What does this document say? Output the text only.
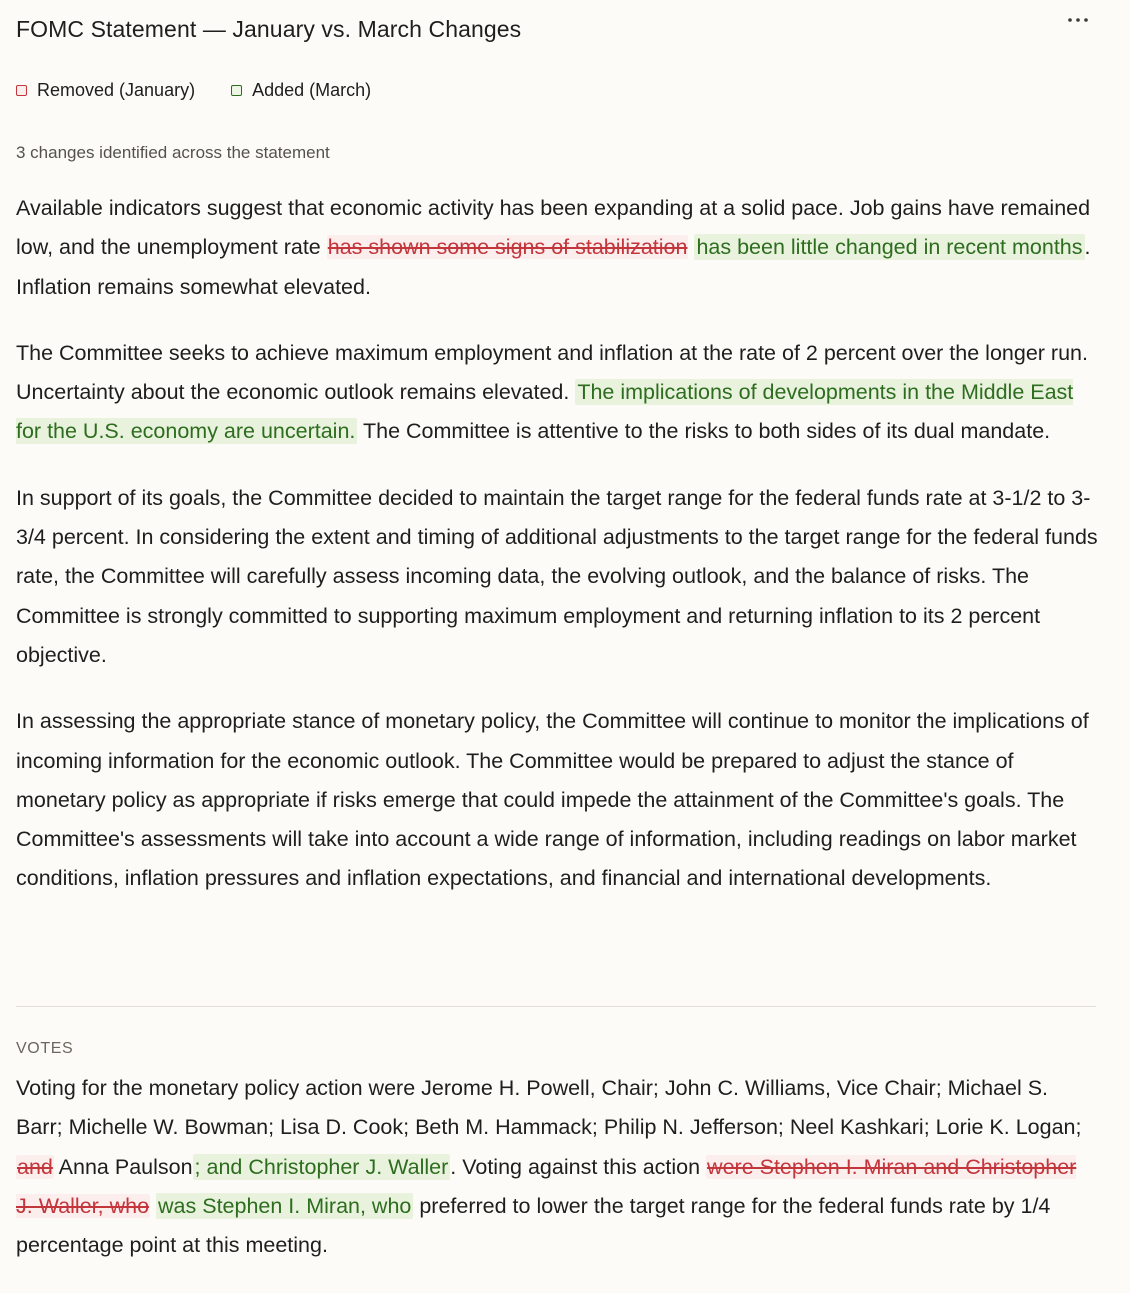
FOMC Statement — January vs. March Changes
Removed (January)	Added (March)
3 changes identified across the statement

Available indicators suggest that economic activity has been expanding at a solid pace. Job gains have remained low, and the unemployment rate has shown some signs of stabilization has been little changed in recent months. Inflation remains somewhat elevated.

The Committee seeks to achieve maximum employment and inflation at the rate of 2 percent over the longer run. Uncertainty about the economic outlook remains elevated. The implications of developments in the Middle East for the U.S. economy are uncertain. The Committee is attentive to the risks to both sides of its dual mandate.

In support of its goals, the Committee decided to maintain the target range for the federal funds rate at 3-1/2 to 3-3/4 percent. In considering the extent and timing of additional adjustments to the target range for the federal funds rate, the Committee will carefully assess incoming data, the evolving outlook, and the balance of risks. The Committee is strongly committed to supporting maximum employment and returning inflation to its 2 percent objective.

In assessing the appropriate stance of monetary policy, the Committee will continue to monitor the implications of incoming information for the economic outlook. The Committee would be prepared to adjust the stance of monetary policy as appropriate if risks emerge that could impede the attainment of the Committee's goals. The Committee's assessments will take into account a wide range of information, including readings on labor market conditions, inflation pressures and inflation expectations, and financial and international developments.

VOTES

Voting for the monetary policy action were Jerome H. Powell, Chair; John C. Williams, Vice Chair; Michael S. Barr; Michelle W. Bowman; Lisa D. Cook; Beth M. Hammack; Philip N. Jefferson; Neel Kashkari; Lorie K. Logan; and Anna Paulson; and Christopher J. Waller. Voting against this action were Stephen I. Miran and Christopher J. Waller, who was Stephen I. Miran, who preferred to lower the target range for the federal funds rate by 1/4 percentage point at this meeting.
